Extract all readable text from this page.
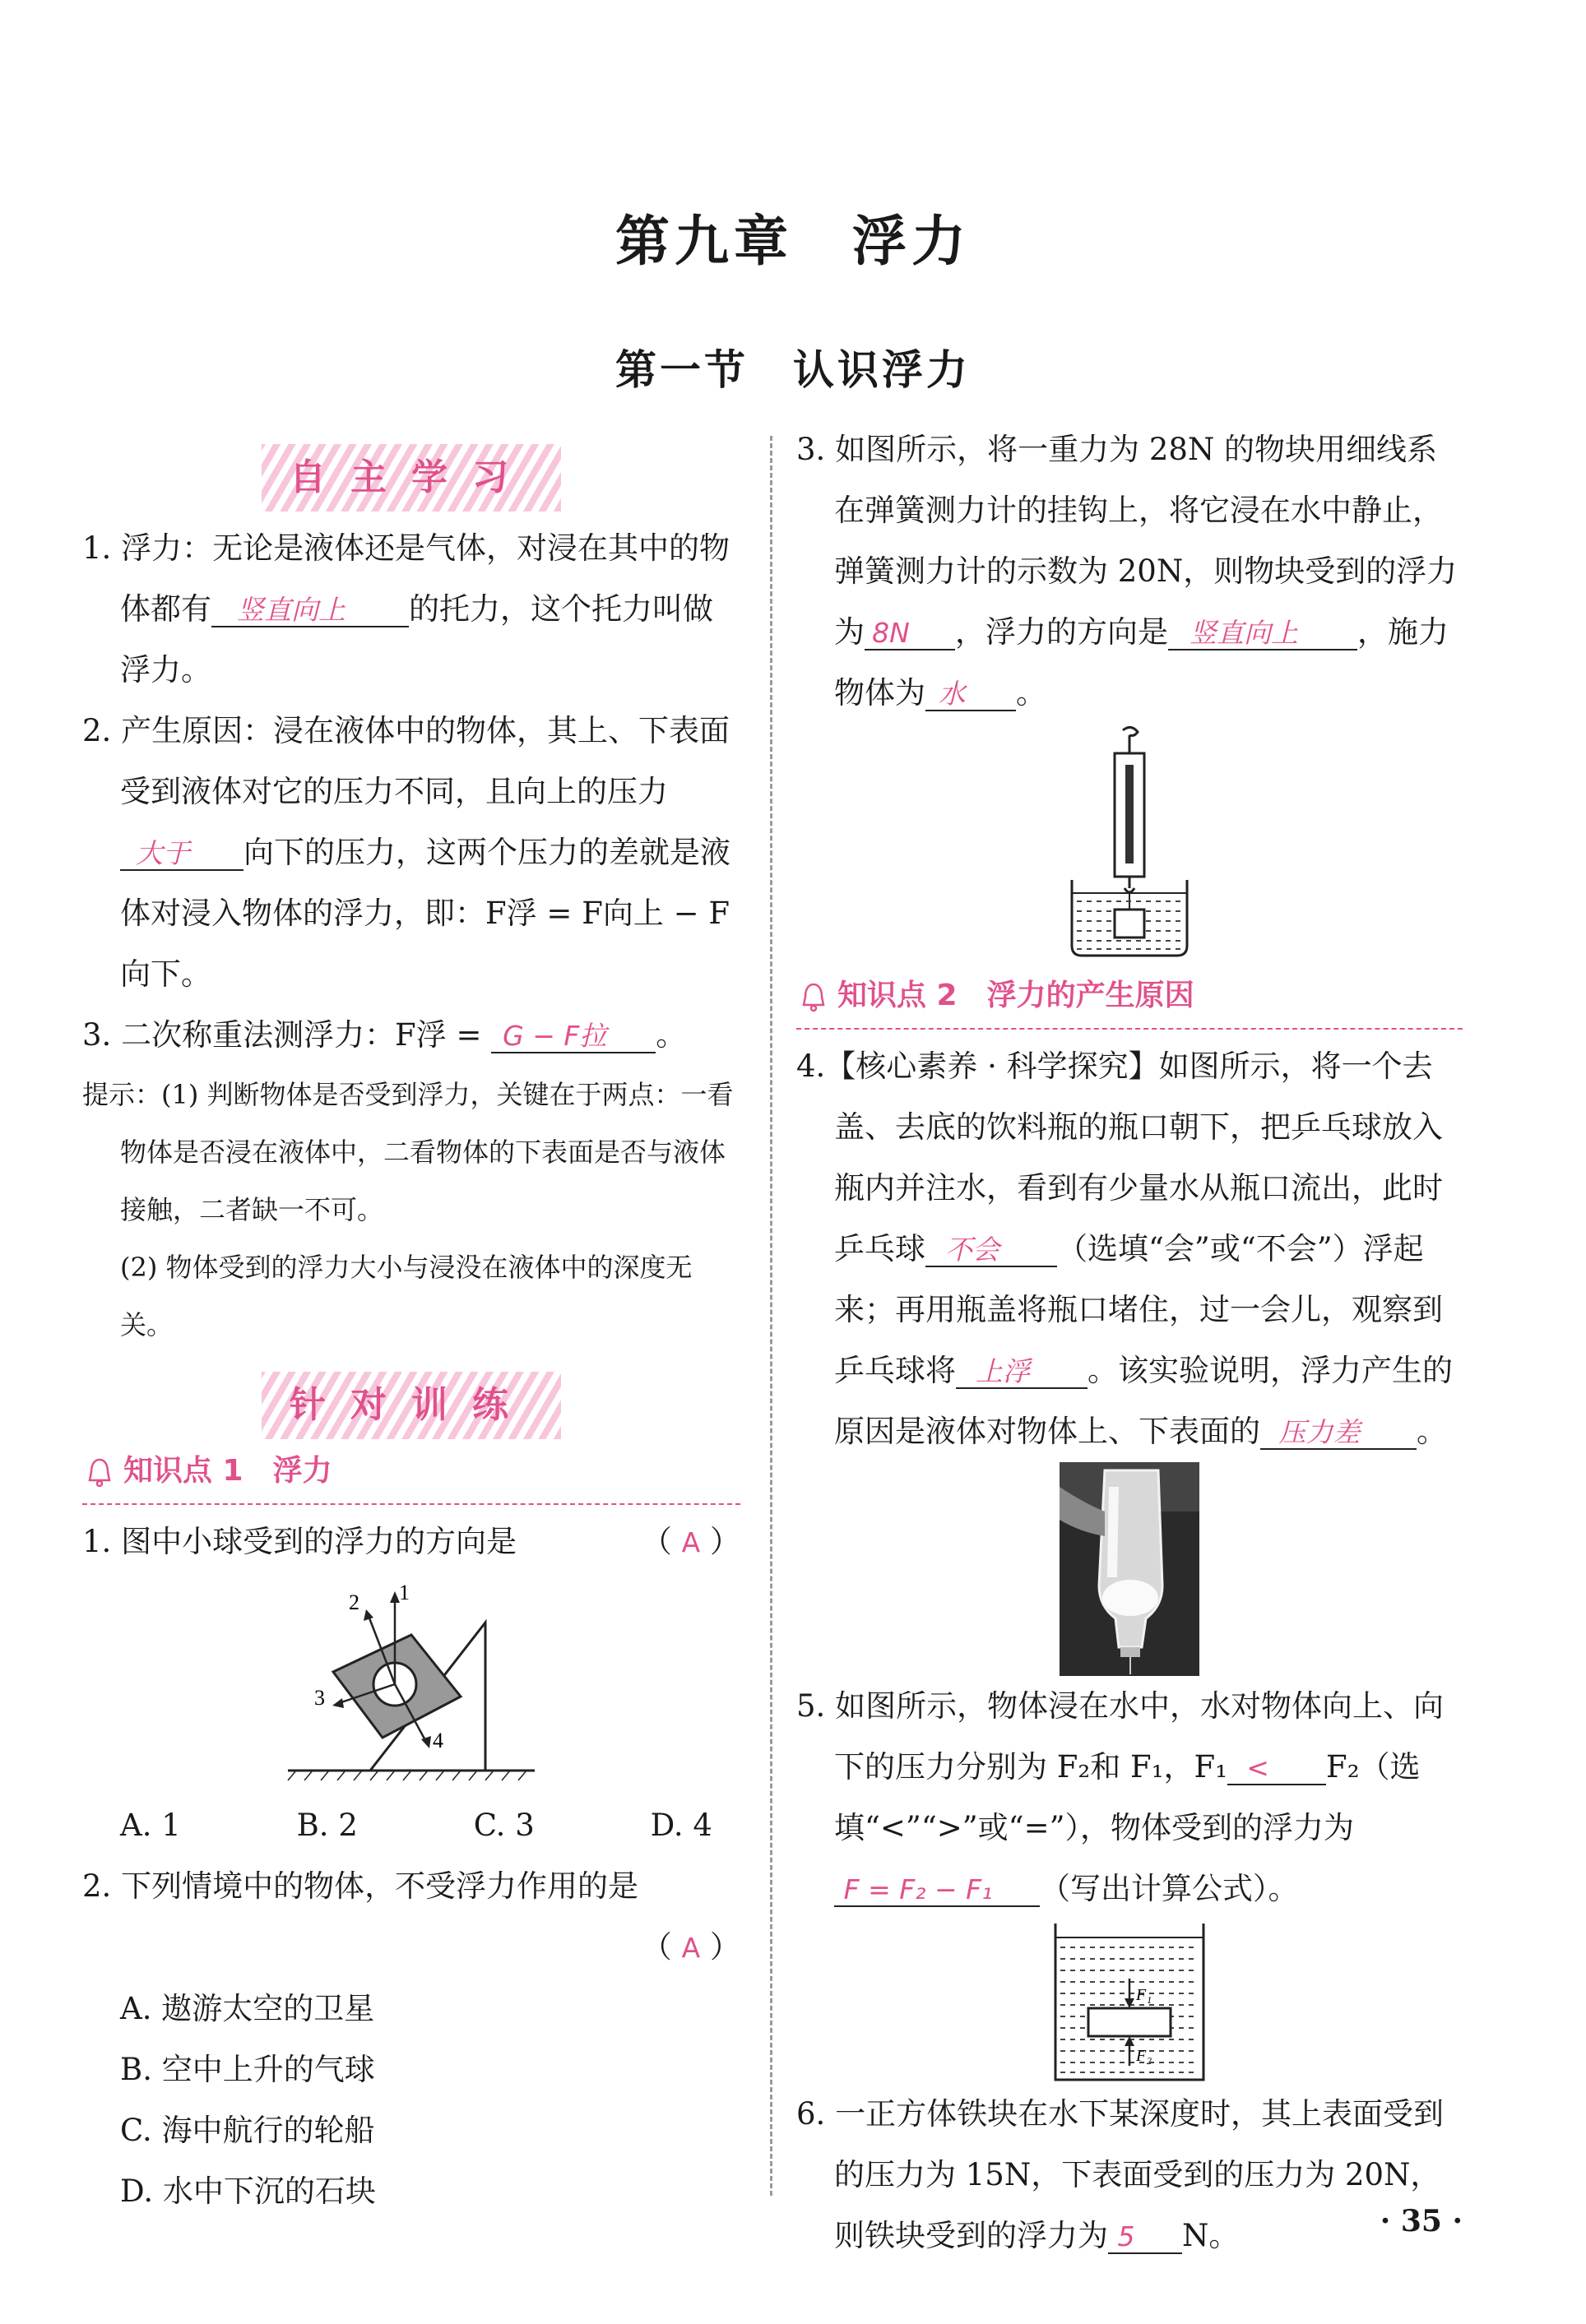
第九章　浮力
第一节　认识浮力
自主学习

1. 浮力：无论是液体还是气体，对浸在其中的物体都有 竖直向上 的托力，这个托力叫做浮力。

2. 产生原因：浸在液体中的物体，其上、下表面受到液体对它的压力不同，且向上的压力大于 向下的压力，这两个压力的差就是液体对浸入物体的浮力，即：F浮 = F向上 − F向下。

3. 二次称重法测浮力：F浮 = G − F拉 。

提示：(1) 判断物体是否受到浮力，关键在于两点：一看物体是否浸在液体中，二看物体的下表面是否与液体接触，二者缺一不可。

(2) 物体受到的浮力大小与浸没在液体中的深度无关。

针对训练
知识点 1　浮力

1. 图中小球受到的浮力的方向是	（ A ）

1
2
3
4
A. 1	B. 2	C. 3	D. 4

2. 下列情境中的物体，不受浮力作用的是

（ A ）

A. 遨游太空的卫星

B. 空中上升的气球

C. 海中航行的轮船

D. 水中下沉的石块

3. 如图所示，将一重力为 28N 的物块用细线系在弹簧测力计的挂钩上，将它浸在水中静止，弹簧测力计的示数为 20N，则物块受到的浮力为 8N ，浮力的方向是 竖直向上 ，施力物体为 水 。

知识点 2　浮力的产生原因

4.【核心素养 · 科学探究】如图所示，将一个去盖、去底的饮料瓶的瓶口朝下，把乒乓球放入瓶内并注水，看到有少量水从瓶口流出，此时乒乓球 不会 （选填“会”或“不会”）浮起来；再用瓶盖将瓶口堵住，过一会儿，观察到乒乓球将 上浮 。该实验说明，浮力产生的原因是液体对物体上、下表面的 压力差 。

5. 如图所示，物体浸在水中，水对物体向上、向下的压力分别为 F₂和 F₁，F₁ < F₂（选填“<”“>”或“=”），物体受到的浮力为F = F₂ − F₁ （写出计算公式）。

F₁
F₂

6. 一正方体铁块在水下某深度时，其上表面受到的压力为 15N，下表面受到的压力为 20N，则铁块受到的浮力为 5 N。	· 35 ·
